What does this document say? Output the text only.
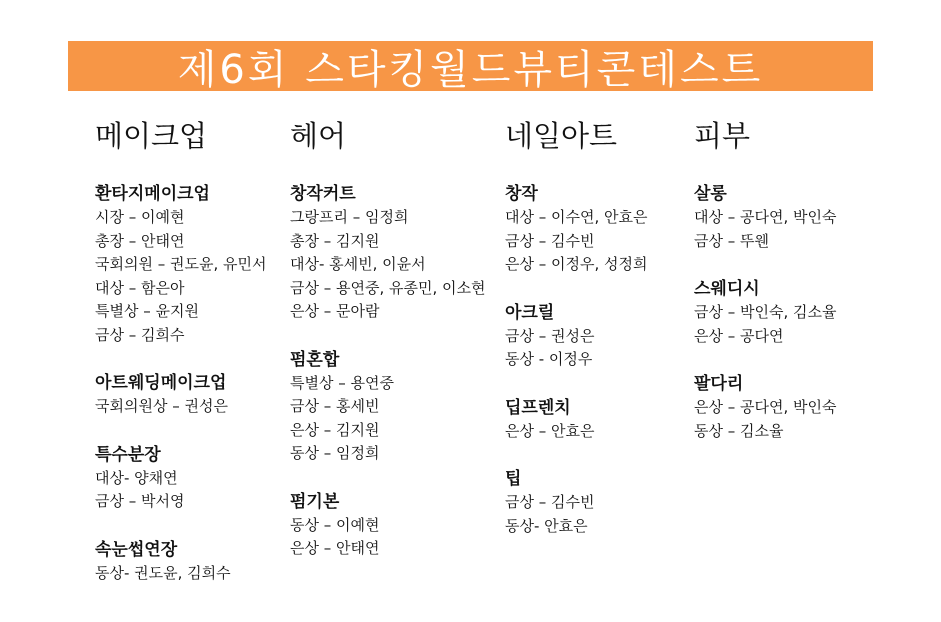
제6회 스타킹월드뷰티콘테스트
메이크업
환타지메이크업
시장 – 이예현
총장 – 안태연
국회의원 – 권도윤, 유민서
대상 – 함은아
특별상 – 윤지원
금상 – 김희수
아트웨딩메이크업
국회의원상 – 권성은
특수분장
대상- 양채연
금상 – 박서영
속눈썹연장
동상- 권도윤, 김희수
헤어
창작커트
그랑프리 – 임정희
총장 – 김지원
대상- 홍세빈, 이윤서
금상 – 용연중, 유종민, 이소현
은상 – 문아람
펌혼합
특별상 – 용연중
금상 – 홍세빈
은상 – 김지원
동상 – 임정희
펌기본
동상 – 이예현
은상 – 안태연
네일아트
창작
대상 – 이수연, 안효은
금상 – 김수빈
은상 – 이정우, 성정희
아크릴
금상 – 권성은
동상 - 이정우
딥프렌치
은상 – 안효은
팁
금상 – 김수빈
동상- 안효은
피부
살롱
대상 – 공다연, 박인숙
금상 – 뚜웬
스웨디시
금상 – 박인숙, 김소율
은상 – 공다연
팔다리
은상 – 공다연, 박인숙
동상 – 김소율
